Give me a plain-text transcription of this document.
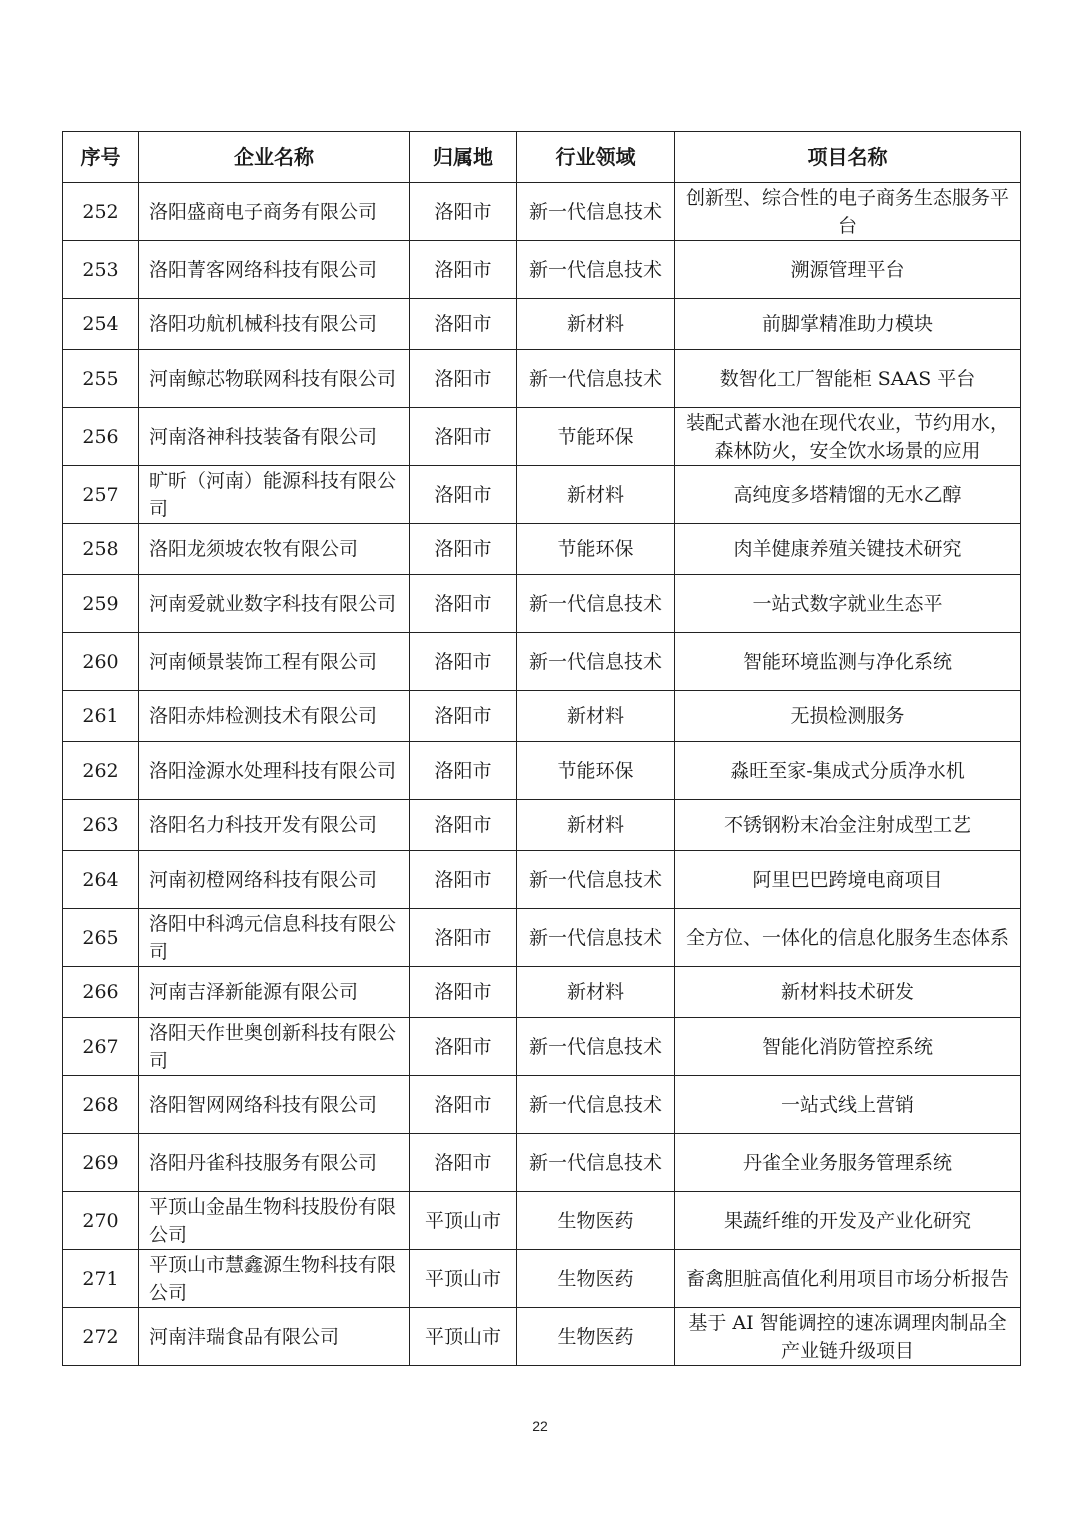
序号	企业名称	归属地	行业领域	项目名称
252	洛阳盛商电子商务有限公司	洛阳市	新一代信息技术	创新型、综合性的电子商务生态服务平台
253	洛阳菁客网络科技有限公司	洛阳市	新一代信息技术	溯源管理平台
254	洛阳功航机械科技有限公司	洛阳市	新材料	前脚掌精准助力模块
255	河南鲸芯物联网科技有限公司	洛阳市	新一代信息技术	数智化工厂智能柜 SAAS 平台
256	河南洛神科技装备有限公司	洛阳市	节能环保	装配式蓄水池在现代农业，节约用水，森林防火，安全饮水场景的应用
257	旷昕（河南）能源科技有限公司	洛阳市	新材料	高纯度多塔精馏的无水乙醇
258	洛阳龙须坡农牧有限公司	洛阳市	节能环保	肉羊健康养殖关键技术研究
259	河南爱就业数字科技有限公司	洛阳市	新一代信息技术	一站式数字就业生态平
260	河南倾景装饰工程有限公司	洛阳市	新一代信息技术	智能环境监测与净化系统
261	洛阳赤炜检测技术有限公司	洛阳市	新材料	无损检测服务
262	洛阳淦源水处理科技有限公司	洛阳市	节能环保	淼旺至家-集成式分质净水机
263	洛阳名力科技开发有限公司	洛阳市	新材料	不锈钢粉末冶金注射成型工艺
264	河南初橙网络科技有限公司	洛阳市	新一代信息技术	阿里巴巴跨境电商项目
265	洛阳中科鸿元信息科技有限公司	洛阳市	新一代信息技术	全方位、一体化的信息化服务生态体系
266	河南吉泽新能源有限公司	洛阳市	新材料	新材料技术研发
267	洛阳天作世奥创新科技有限公司	洛阳市	新一代信息技术	智能化消防管控系统
268	洛阳智网网络科技有限公司	洛阳市	新一代信息技术	一站式线上营销
269	洛阳丹雀科技服务有限公司	洛阳市	新一代信息技术	丹雀全业务服务管理系统
270	平顶山金晶生物科技股份有限公司	平顶山市	生物医药	果蔬纤维的开发及产业化研究
271	平顶山市慧鑫源生物科技有限公司	平顶山市	生物医药	畜禽胆脏高值化利用项目市场分析报告
272	河南沣瑞食品有限公司	平顶山市	生物医药	基于 AI 智能调控的速冻调理肉制品全产业链升级项目
22
